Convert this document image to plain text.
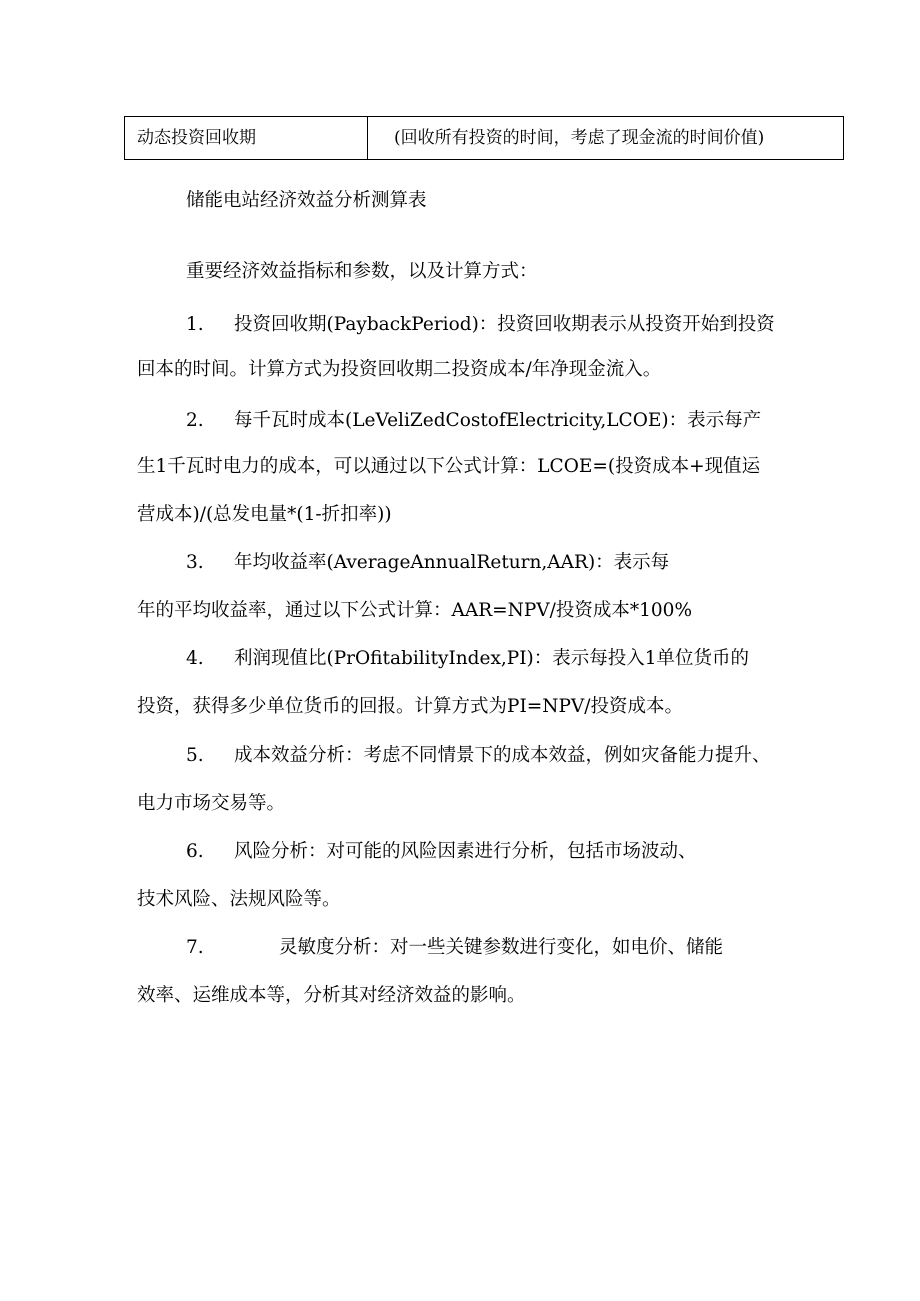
动态投资回收期	(回收所有投资的时间，考虑了现金流的时间价值)
储能电站经济效益分析测算表
重要经济效益指标和参数，以及计算方式：
1. 投资回收期(PaybackPeriod)：投资回收期表示从投资开始到投资
回本的时间。计算方式为投资回收期二投资成本/年净现金流入。
2. 每千瓦时成本(LeVeliZedCostofElectricity,LCOE)：表示每产
生1千瓦时电力的成本，可以通过以下公式计算：LCOE=(投资成本+现值运
营成本)/(总发电量*(1-折扣率))
3. 年均收益率(AverageAnnualReturn,AAR)：表示每
年的平均收益率，通过以下公式计算：AAR=NPV/投资成本*100%
4. 利润现值比(PrOfitabilityIndex,PI)：表示每投入1单位货币的
投资，获得多少单位货币的回报。计算方式为PI=NPV/投资成本。
5. 成本效益分析：考虑不同情景下的成本效益，例如灾备能力提升、
电力市场交易等。
6. 风险分析：对可能的风险因素进行分析，包括市场波动、
技术风险、法规风险等。
7.	灵敏度分析：对一些关键参数进行变化，如电价、储能
效率、运维成本等，分析其对经济效益的影响。
